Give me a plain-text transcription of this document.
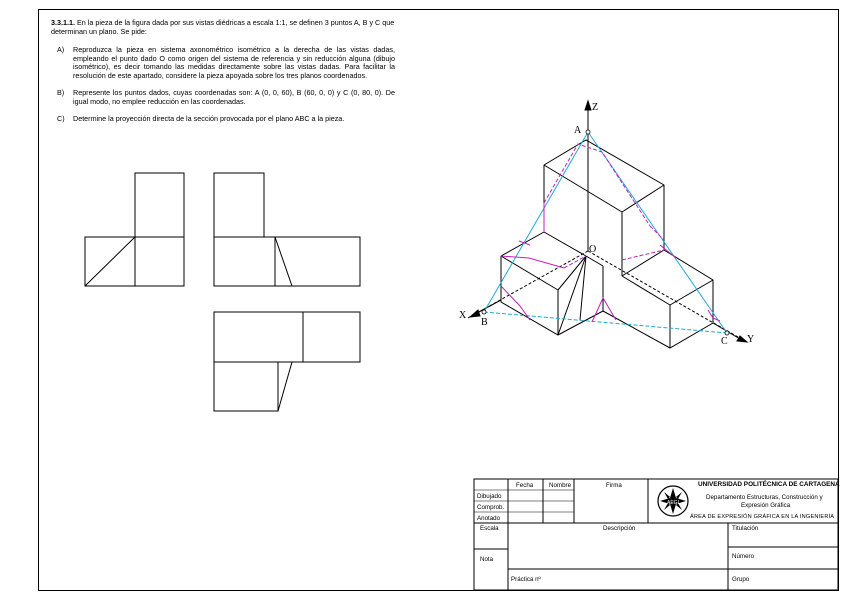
3.3.1.1. En la pieza de la figura dada por sus vistas diédricas a escala 1:1, se definen 3 puntos A, B y C que determinan un plano. Se pide:
A) Reproduzca la pieza en sistema axonométrico isométrico a la derecha de las vistas dadas, empleando el punto dado O como origen del sistema de referencia y sin reducción alguna (dibujo isométrico), es decir tomando las medidas directamente sobre las vistas dadas. Para facilitar la resolución de este apartado, considere la pieza apoyada sobre los tres planos coordenados.
B) Represente los puntos dados, cuyas coordenadas son: A (0, 0, 60), B (60, 0, 0) y C (0, 80, 0). De igual modo, no emplee reducción en las coordenadas.
C) Determine la proyección directa de la sección provocada por el plano ABC a la pieza.
Z
X
Y
O
A
B
C
AEGI
Fecha	Nombre	Firma
Dibujado
Comprob.
Anotado
Escala
Nota
Descripción
Práctica nº
Titulación
Número
Grupo
UNIVERSIDAD POLITÉCNICA DE CARTAGENA
Departamento Estructuras, Construcción y
Expresión Gráfica
ÁREA DE EXPRESIÓN GRÁFICA EN LA INGENIERÍA
